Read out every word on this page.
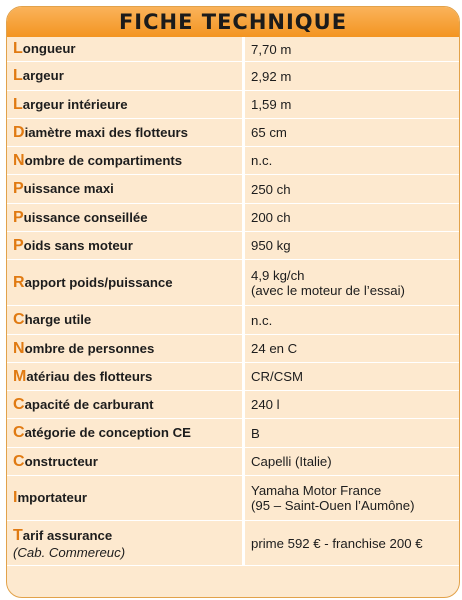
FICHE TECHNIQUE
Longueur	7,70 m
Largeur	2,92 m
Largeur intérieure	1,59 m
Diamètre maxi des flotteurs	65 cm
Nombre de compartiments	n.c.
Puissance maxi	250 ch
Puissance conseillée	200 ch
Poids sans moteur	950 kg
Rapport poids/puissance	4,9 kg/ch
(avec le moteur de l’essai)
Charge utile	n.c.
Nombre de personnes	24 en C
Matériau des flotteurs	CR/CSM
Capacité de carburant	240 l
Catégorie de conception CE	B
Constructeur	Capelli (Italie)
Importateur	Yamaha Motor France
(95 – Saint-Ouen l’Aumône)
Tarif assurance
(Cab. Commereuc)	prime 592 € - franchise 200 €
